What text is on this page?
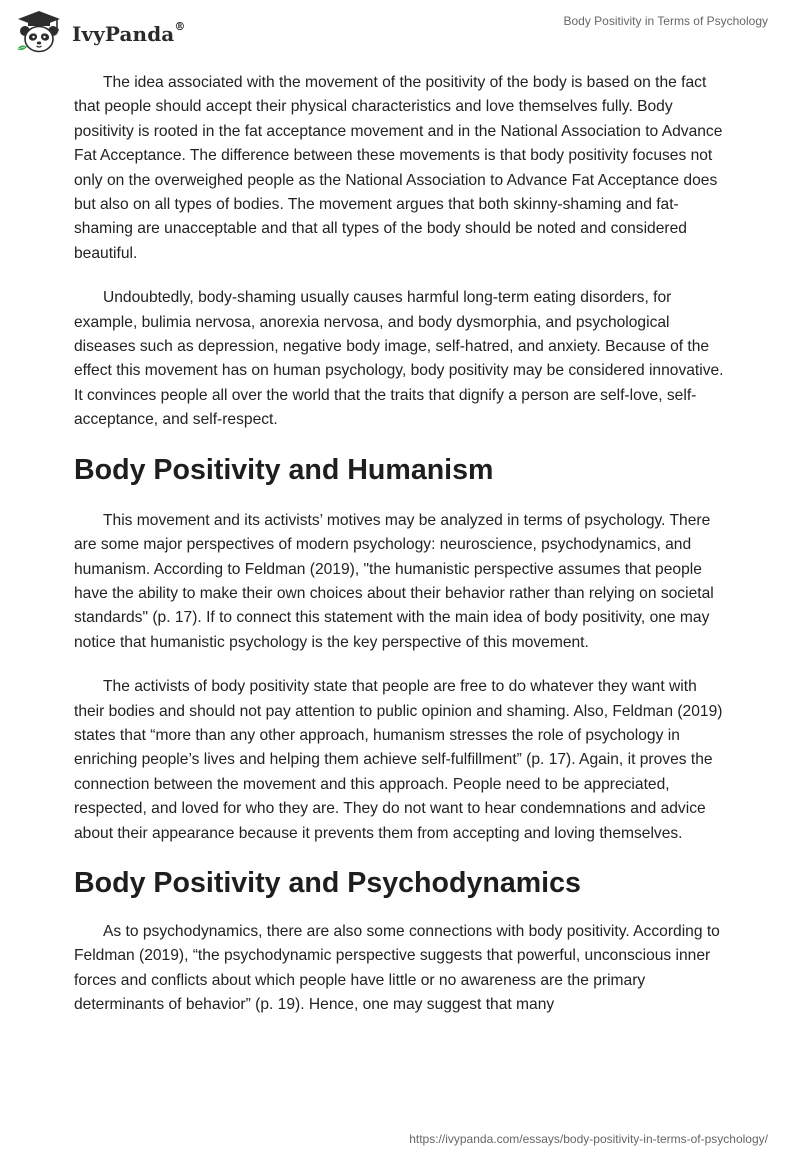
IvyPanda®	Body Positivity in Terms of Psychology

The idea associated with the movement of the positivity of the body is based on the fact that people should accept their physical characteristics and love themselves fully. Body positivity is rooted in the fat acceptance movement and in the National Association to Advance Fat Acceptance. The difference between these movements is that body positivity focuses not only on the overweighed people as the National Association to Advance Fat Acceptance does but also on all types of bodies. The movement argues that both skinny-shaming and fat-shaming are unacceptable and that all types of the body should be noted and considered beautiful.

Undoubtedly, body-shaming usually causes harmful long-term eating disorders, for example, bulimia nervosa, anorexia nervosa, and body dysmorphia, and psychological diseases such as depression, negative body image, self-hatred, and anxiety. Because of the effect this movement has on human psychology, body positivity may be considered innovative. It convinces people all over the world that the traits that dignify a person are self-love, self-acceptance, and self-respect.

Body Positivity and Humanism

This movement and its activists’ motives may be analyzed in terms of psychology. There are some major perspectives of modern psychology: neuroscience, psychodynamics, and humanism. According to Feldman (2019), "the humanistic perspective assumes that people have the ability to make their own choices about their behavior rather than relying on societal standards" (p. 17). If to connect this statement with the main idea of body positivity, one may notice that humanistic psychology is the key perspective of this movement.

The activists of body positivity state that people are free to do whatever they want with their bodies and should not pay attention to public opinion and shaming. Also, Feldman (2019) states that “more than any other approach, humanism stresses the role of psychology in enriching people’s lives and helping them achieve self-fulfillment” (p. 17). Again, it proves the connection between the movement and this approach. People need to be appreciated, respected, and loved for who they are. They do not want to hear condemnations and advice about their appearance because it prevents them from accepting and loving themselves.

Body Positivity and Psychodynamics

As to psychodynamics, there are also some connections with body positivity. According to Feldman (2019), “the psychodynamic perspective suggests that powerful, unconscious inner forces and conflicts about which people have little or no awareness are the primary determinants of behavior” (p. 19). Hence, one may suggest that many

https://ivypanda.com/essays/body-positivity-in-terms-of-psychology/
